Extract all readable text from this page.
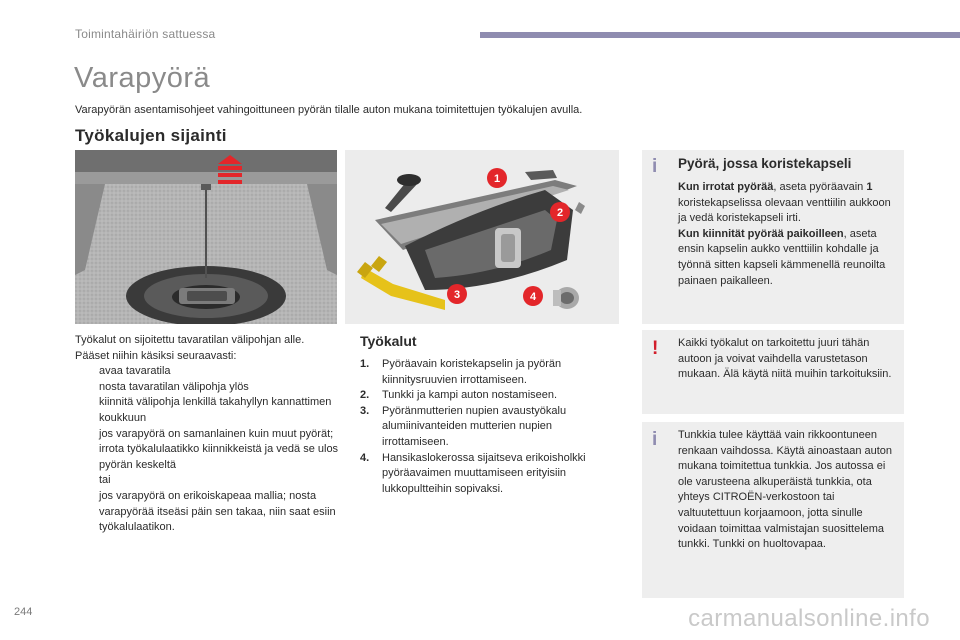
Toimintahäiriön sattuessa
Varapyörä

Varapyörän asentamisohjeet vahingoittuneen pyörän tilalle auton mukana toimitettujen työkalujen avulla.

Työkalujen sijainti
1
2
3	4

Työkalut on sijoitettu tavaratilan välipohjan alle.

Pääset niihin käsiksi seuraavasti:

avaa tavaratila
nosta tavaratilan välipohja ylös
kiinnitä välipohja lenkillä takahyllyn kannattimen koukkuun
jos varapyörä on samanlainen kuin muut pyörät; irrota työkalulaatikko kiinnikkeistä ja vedä se ulos pyörän keskeltä

tai

jos varapyörä on erikoiskapeaa mallia; nosta varapyörää itseäsi päin sen takaa, niin saat esiin työkalulaatikon.
Työkalut
1. Pyöräavain koristekapselin ja pyörän kiinnitysruuvien irrottamiseen.
2. Tunkki ja kampi auton nostamiseen.
3. Pyöränmutterien nupien avaustyökalu alumiinivanteiden mutterien nupien irrottamiseen.
4. Hansikaslokerossa sijaitseva erikoisholkki pyöräavaimen muuttamiseen erityisiin lukkopultteihin sopivaksi.
i Pyörä, jossa koristekapseli

Kun irrotat pyörää, aseta pyöräavain 1 koristekapselissa olevaan venttiilin aukkoon ja vedä koristekapseli irti.
Kun kiinnität pyörää paikoilleen, aseta ensin kapselin aukko venttiilin kohdalle ja työnnä sitten kapseli kämmenellä reunoilta painaen paikalleen.

! Kaikki työkalut on tarkoitettu juuri tähän autoon ja voivat vaihdella varustetason mukaan. Älä käytä niitä muihin tarkoituksiin.

i Tunkkia tulee käyttää vain rikkoontuneen renkaan vaihdossa. Käytä ainoastaan auton mukana toimitettua tunkkia. Jos autossa ei ole varusteena alkuperäistä tunkkia, ota yhteys CITROËN-verkostoon tai valtuutettuun korjaamoon, jotta sinulle voidaan toimittaa valmistajan suosittelema tunkki. Tunkki on huoltovapaa.

244	carmanualsonline.info
